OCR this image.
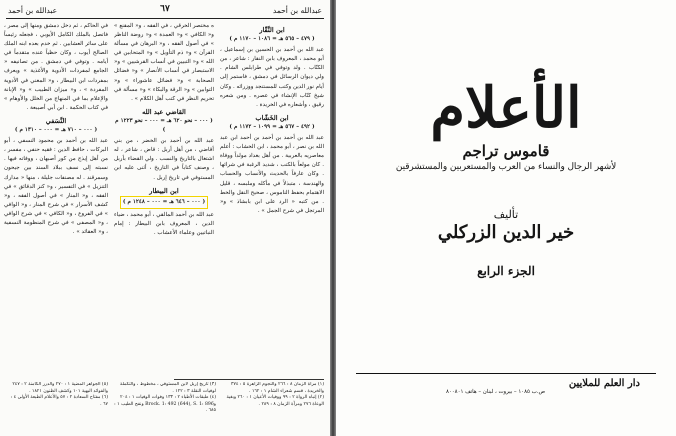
عبدالله بن أحمد
٦٧
عبدالله بن أحمد
ابن النَّقّار
( ٤٧٩ – ٥٦٥ هـ = ١٠٨٦ – ١١٧٠ م )

عبد الله بن أحمد بن الحسين بن إسماعيل ، أبو محمد ، المعروف بابن النقار : شاعر ، من الكتّاب . ولد وتوفي في طرابلس الشام . ولي ديوان الرسائل في دمشق ، فاستمر إلى أيام نور الدين وكتب للمستنجد ووزرائه . وكان شيخ كتّاب الإنشاء في عصره . ومن شعره رقيق ، وأشعاره في الخريدة .

ابن الخَشّاب
( ٤٩٢ – ٥٦٧ هـ = ١٠٩٩ – ١١٧٢ م )

عبد الله بن أحمد بن أحمد بن أحمد ابن عبد الله بن نصر ، أبو محمد ، ابن الخشاب : أعلم معاصريه بالعربية . من أهل بغداد مولداً ووفاة . كان مولعاً بالكتب ، شديد الرغبة في شرائها . وكان عارفاً بالحديث والأنساب والحساب والهندسة ، متبذلاً في مأكله وملبسه ، قليل الاهتمام بحفظ الناموس ، صحيح النقل والخط . من كتبه « الرد على ابن بابشاذ » و« المرتجل في شرح الجمل » .

ه مختصر الخرقي ، في الفقه ، و« المقنع » و« الكافي » و« العمدة » و« روضة الناظر » في أصول الفقه ، و« البرهان في مسألة القرآن » و« ذم التأويل » و« المتحابين في الله » و« التبيين في أنساب القرشيين » و« الاستبصار في أنساب الأنصار » و« فضائل الصحابة » و« فضائل عاشوراء » و« التوابين » و« الرقة والبكاء » و« مسألة في تحريم النظر في كتب أهل الكلام » .

القاضي عبد الله
( ٠٠٠ – نحو ٦٢٠ هـ = ٠٠٠ – نحو ١٢٢٣ م )

عبد الله بن أحمد بن الخضر ، من بني أقاضي ، من أهل أربل : قاض ، شاعر ، له اشتغال بالتاريخ والنسب . ولي القضاء بأربل ، وصنف كتاباً في التاريخ ، أثنى عليه ابن المستوفي في تاريخ إربل .

ابن البيطار
( ٠٠٠ – ٦٤٦ هـ = ٠٠٠ – ١٢٤٨ م )

عبد الله بن أحمد المالقي ، أبو محمد ، ضياء الدين ، المعروف بابن البيطار : إمام النباتيين وعلماء الأعشاب .

في الحاكم ، ثم دخل دمشق ومنها إلى مصر ، فاتصل بالملك الكامل الأيوبي ، فجعله رئيساً على سائر العشابين . ثم خدم بعده ابنه الملك الصالح أيوب ، وكان حظياً عنده متقدماً في أيامه . وتوفي في دمشق . من تصانيفه « الجامع لمفردات الأدوية والأغذية » ويعرف بمفردات ابن البيطار ، و« المغني في الأدوية المفردة » ، و« ميزان الطبيب » و« الإبانة والإعلام بما في المنهاج من الخلل والأوهام » في كتاب الحكمة . ابن أبي أصيبعة .

النَّسَفي
( ٠٠٠ – ٧١٠ هـ = ٠٠٠ – ١٣١٠ م )

عبد الله بن أحمد بن محمود النسفي ، أبو البركات ، حافظ الدين : فقيه حنفي ، مفسر ، من أهل إيذج من كور أصبهان ، ووفاته فيها . نسبته إلى نسف ببلاد السند بين جيحون وسمرقند . له مصنفات جليلة ، منها « مدارك التنزيل » في التفسير ، و« كنز الدقائق » في الفقه ، و« المنار » في أصول الفقه ، و« كشف الأسرار » في شرح المنار ، و« الوافي » في الفروع ، و« الكافي » في شرح الوافي ، و« المصفى » في شرح المنظومة النسفية ، و« العقائد » .

(١) مرآة الزمان ٨ : ٢٦٦ والنجوم الزاهرة ٥ : ٣٧٤ والخريدة ، قسم شعراء الشام ١ : ١٦٢ .
(٢) إنباه الرواة ٢ : ٩٩ ووفيات الأعيان ١ : ٢٦٠ وبغية الوعاة ٢٧٦ ومرآة الزمان ٨ : ٢٨٩ .
(٣) تاريخ إربل لابن المستوفي ، مخطوط ، والتكملة لوفيات النقلة ٣ : ١٢٢ .
(٤) طبقات الأطباء ٢ : ١٣٣ وفوات الوفيات ١ : ٢٠٤ وBrock. 1: 492 (644), S. 1: 896 ونفح الطيب ١ : ٦٨٥ .
(٥) الجواهر المضية ١ : ٢٧٠ والدرر الكامنة ٢ : ٢٤٧ والفوائد البهية ١٠١ وكشف الظنون ١٨٢١ .
(٦) مفتاح السعادة ٢ : ٥٧ والأعلام الطبعة الأولى ٤ : ٦٧ .
الأعلام
قاموس تراجم
لأشهر الرجال والنساء من العرب والمستعربين والمستشرقين
تأليف
خير الدين الزركلي
الجزء الرابع
دار العلم للملايين
ص.ب ١٠٨٥ – بيروت ، لبنان – هاتف ٨٠٠٨٠١
